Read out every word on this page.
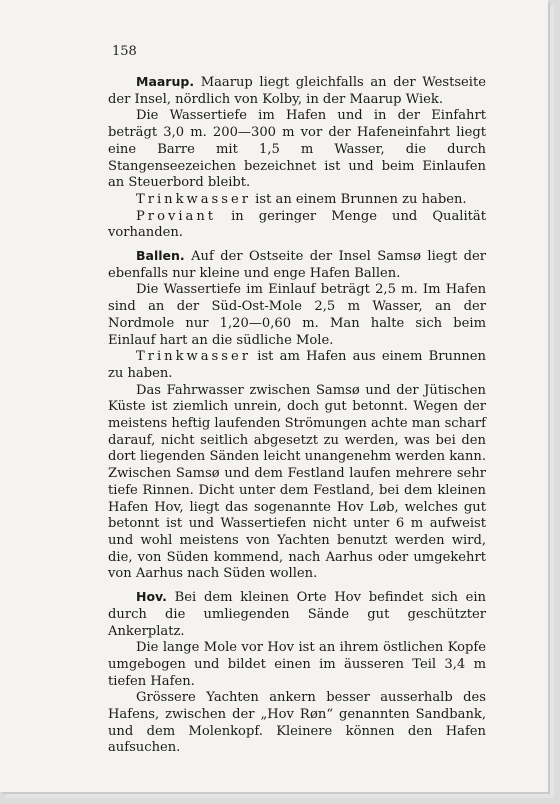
158

Maarup. Maarup liegt gleichfalls an der Westseite der Insel, nördlich von Kolby, in der Maarup Wiek.

Die Wassertiefe im Hafen und in der Einfahrt beträgt 3,0 m. 200—300 m vor der Hafeneinfahrt liegt eine Barre mit 1,5 m Wasser, die durch Stangenseezeichen bezeichnet ist und beim Einlaufen an Steuerbord bleibt.

Trinkwasser ist an einem Brunnen zu haben.

Proviant in geringer Menge und Qualität vorhanden.

Ballen. Auf der Ostseite der Insel Samsø liegt der ebenfalls nur kleine und enge Hafen Ballen.

Die Wassertiefe im Einlauf beträgt 2,5 m. Im Hafen sind an der Süd-Ost-Mole 2,5 m Wasser, an der Nordmole nur 1,20—0,60 m. Man halte sich beim Einlauf hart an die südliche Mole.

Trinkwasser ist am Hafen aus einem Brunnen zu haben.

Das Fahrwasser zwischen Samsø und der Jütischen Küste ist ziemlich unrein, doch gut betonnt. Wegen der meistens heftig laufenden Strömungen achte man scharf darauf, nicht seitlich abgesetzt zu werden, was bei den dort liegenden Sänden leicht unangenehm werden kann. Zwischen Samsø und dem Festland laufen mehrere sehr tiefe Rinnen. Dicht unter dem Festland, bei dem kleinen Hafen Hov, liegt das sogenannte Hov Løb, welches gut betonnt ist und Wassertiefen nicht unter 6 m aufweist und wohl meistens von Yachten benutzt werden wird, die, von Süden kommend, nach Aarhus oder umgekehrt von Aarhus nach Süden wollen.

Hov. Bei dem kleinen Orte Hov befindet sich ein durch die umliegenden Sände gut geschützter Ankerplatz.

Die lange Mole vor Hov ist an ihrem östlichen Kopfe umgebogen und bildet einen im äusseren Teil 3,4 m tiefen Hafen.

Grössere Yachten ankern besser ausserhalb des Hafens, zwischen der „Hov Røn“ genannten Sandbank, und dem Molenkopf. Kleinere können den Hafen aufsuchen.
